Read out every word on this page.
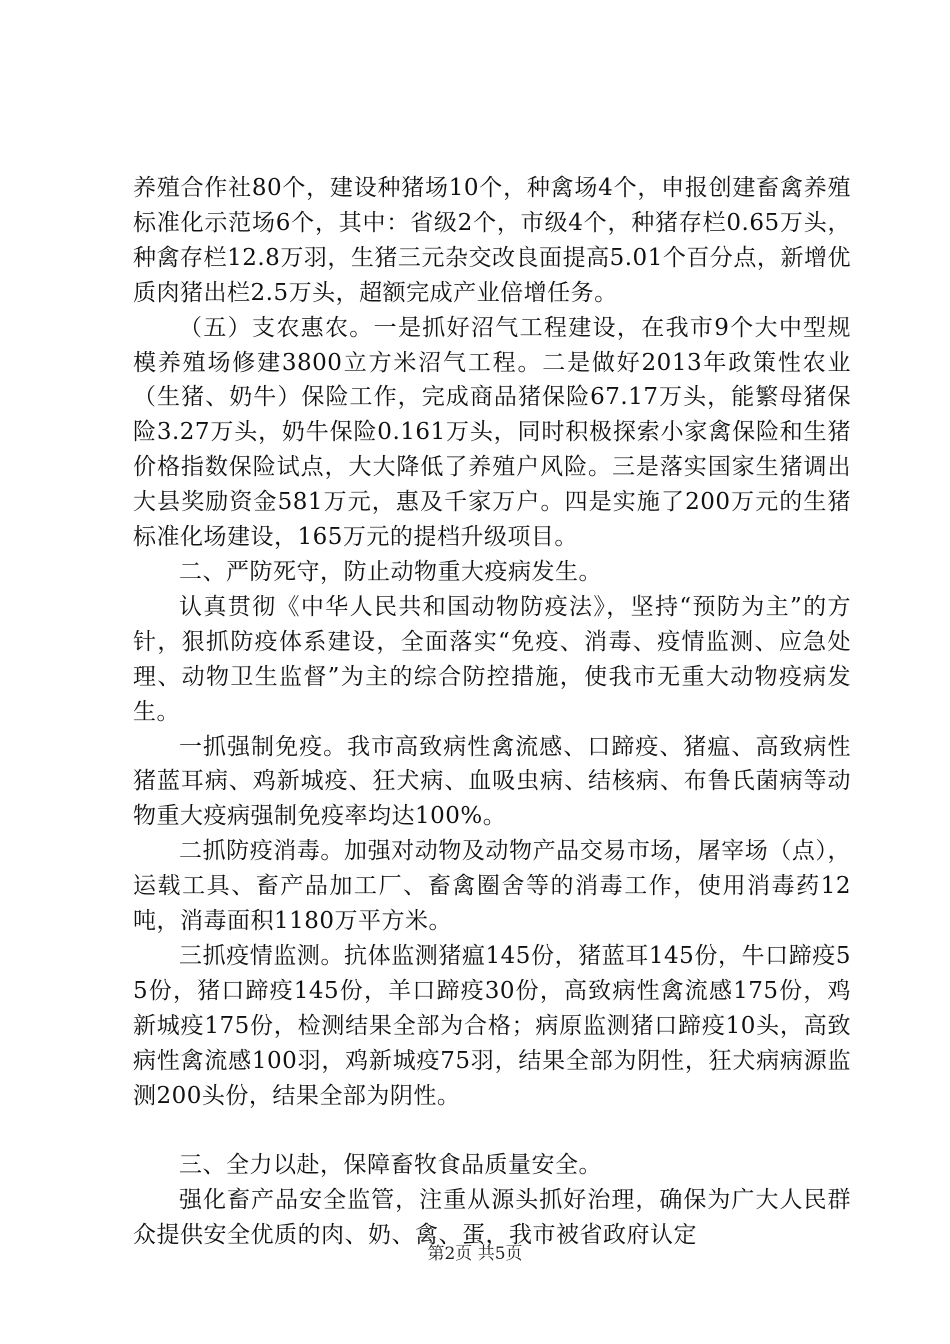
养殖合作社80个，建设种猪场10个，种禽场4个，申报创建畜禽养殖标准化示范场6个，其中：省级2个，市级4个，种猪存栏0.65万头，种禽存栏12.8万羽，生猪三元杂交改良面提高5.01个百分点，新增优质肉猪出栏2.5万头，超额完成产业倍增任务。

（五）支农惠农。一是抓好沼气工程建设，在我市9个大中型规模养殖场修建3800立方米沼气工程。二是做好2013年政策性农业（生猪、奶牛）保险工作，完成商品猪保险67.17万头，能繁母猪保险3.27万头，奶牛保险0.161万头，同时积极探索小家禽保险和生猪价格指数保险试点，大大降低了养殖户风险。三是落实国家生猪调出大县奖励资金581万元，惠及千家万户。四是实施了200万元的生猪标准化场建设，165万元的提档升级项目。

二、严防死守，防止动物重大疫病发生。

认真贯彻《中华人民共和国动物防疫法》，坚持“预防为主”的方针，狠抓防疫体系建设，全面落实“免疫、消毒、疫情监测、应急处理、动物卫生监督”为主的综合防控措施，使我市无重大动物疫病发生。

一抓强制免疫。我市高致病性禽流感、口蹄疫、猪瘟、高致病性猪蓝耳病、鸡新城疫、狂犬病、血吸虫病、结核病、布鲁氏菌病等动物重大疫病强制免疫率均达100%。

二抓防疫消毒。加强对动物及动物产品交易市场，屠宰场（点），运载工具、畜产品加工厂、畜禽圈舍等的消毒工作，使用消毒药12吨，消毒面积1180万平方米。

三抓疫情监测。抗体监测猪瘟145份，猪蓝耳145份，牛口蹄疫55份，猪口蹄疫145份，羊口蹄疫30份，高致病性禽流感175份，鸡新城疫175份，检测结果全部为合格；病原监测猪口蹄疫10头，高致病性禽流感100羽，鸡新城疫75羽，结果全部为阴性，狂犬病病源监测200头份，结果全部为阴性。

三、全力以赴，保障畜牧食品质量安全。

强化畜产品安全监管，注重从源头抓好治理，确保为广大人民群众提供安全优质的肉、奶、禽、蛋，我市被省政府认定

第2页 共5页
